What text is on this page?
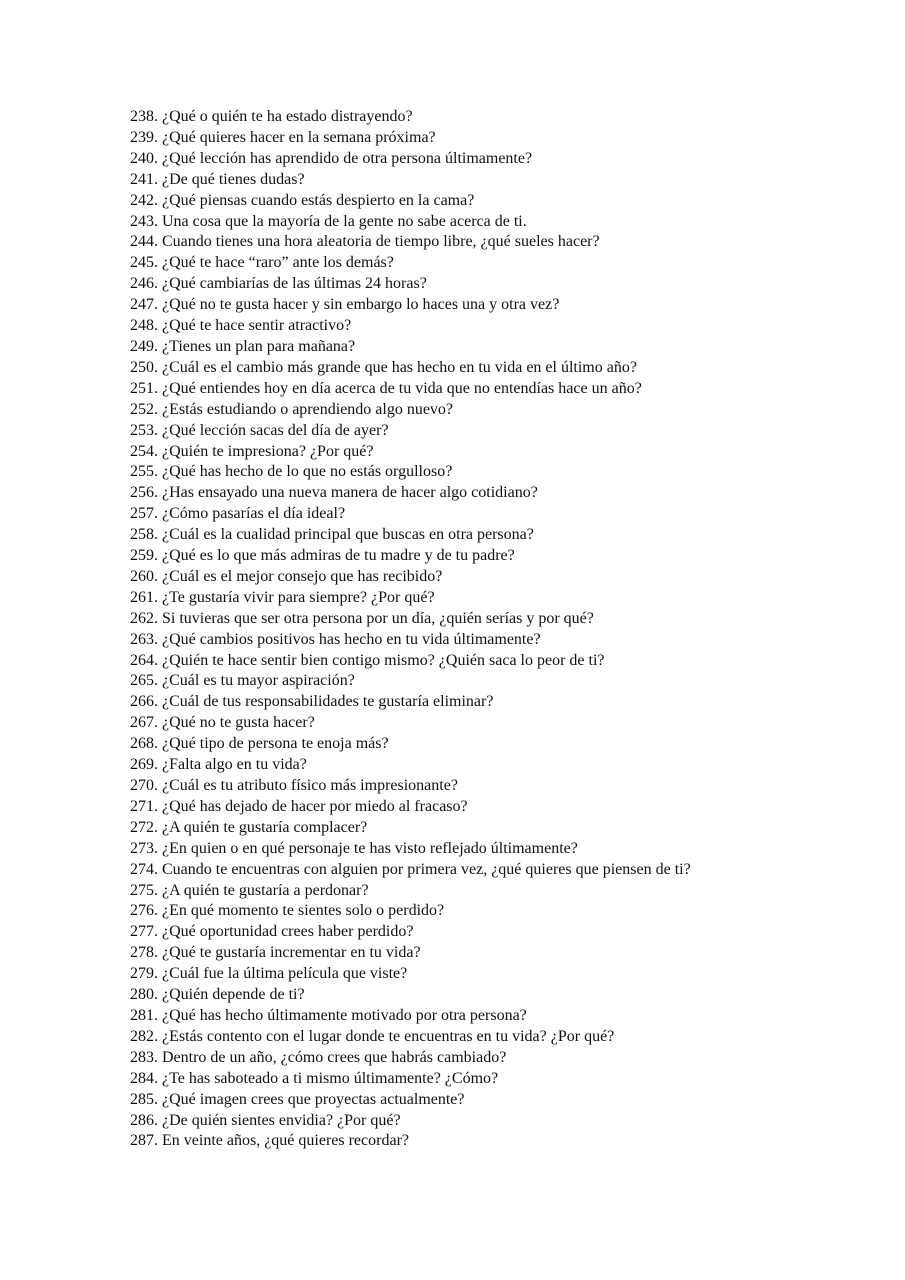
238. ¿Qué o quién te ha estado distrayendo?
239. ¿Qué quieres hacer en la semana próxima?
240. ¿Qué lección has aprendido de otra persona últimamente?
241. ¿De qué tienes dudas?
242. ¿Qué piensas cuando estás despierto en la cama?
243. Una cosa que la mayoría de la gente no sabe acerca de ti.
244. Cuando tienes una hora aleatoria de tiempo libre, ¿qué sueles hacer?
245. ¿Qué te hace “raro” ante los demás?
246. ¿Qué cambiarías de las últimas 24 horas?
247. ¿Qué no te gusta hacer y sin embargo lo haces una y otra vez?
248. ¿Qué te hace sentir atractivo?
249. ¿Tienes un plan para mañana?
250. ¿Cuál es el cambio más grande que has hecho en tu vida en el último año?
251. ¿Qué entiendes hoy en día acerca de tu vida que no entendías hace un año?
252. ¿Estás estudiando o aprendiendo algo nuevo?
253. ¿Qué lección sacas del día de ayer?
254. ¿Quién te impresiona? ¿Por qué?
255. ¿Qué has hecho de lo que no estás orgulloso?
256. ¿Has ensayado una nueva manera de hacer algo cotidiano?
257. ¿Cómo pasarías el día ideal?
258. ¿Cuál es la cualidad principal que buscas en otra persona?
259. ¿Qué es lo que más admiras de tu madre y de tu padre?
260. ¿Cuál es el mejor consejo que has recibido?
261. ¿Te gustaría vivir para siempre? ¿Por qué?
262. Si tuvieras que ser otra persona por un día, ¿quién serías y por qué?
263. ¿Qué cambios positivos has hecho en tu vida últimamente?
264. ¿Quién te hace sentir bien contigo mismo? ¿Quién saca lo peor de ti?
265. ¿Cuál es tu mayor aspiración?
266. ¿Cuál de tus responsabilidades te gustaría eliminar?
267. ¿Qué no te gusta hacer?
268. ¿Qué tipo de persona te enoja más?
269. ¿Falta algo en tu vida?
270. ¿Cuál es tu atributo físico más impresionante?
271. ¿Qué has dejado de hacer por miedo al fracaso?
272. ¿A quién te gustaría complacer?
273. ¿En quien o en qué personaje te has visto reflejado últimamente?
274. Cuando te encuentras con alguien por primera vez, ¿qué quieres que piensen de ti?
275. ¿A quién te gustaría a perdonar?
276. ¿En qué momento te sientes solo o perdido?
277. ¿Qué oportunidad crees haber perdido?
278. ¿Qué te gustaría incrementar en tu vida?
279. ¿Cuál fue la última película que viste?
280. ¿Quién depende de ti?
281. ¿Qué has hecho últimamente motivado por otra persona?
282. ¿Estás contento con el lugar donde te encuentras en tu vida? ¿Por qué?
283. Dentro de un año, ¿cómo crees que habrás cambiado?
284. ¿Te has saboteado a ti mismo últimamente? ¿Cómo?
285. ¿Qué imagen crees que proyectas actualmente?
286. ¿De quién sientes envidia? ¿Por qué?
287. En veinte años, ¿qué quieres recordar?
